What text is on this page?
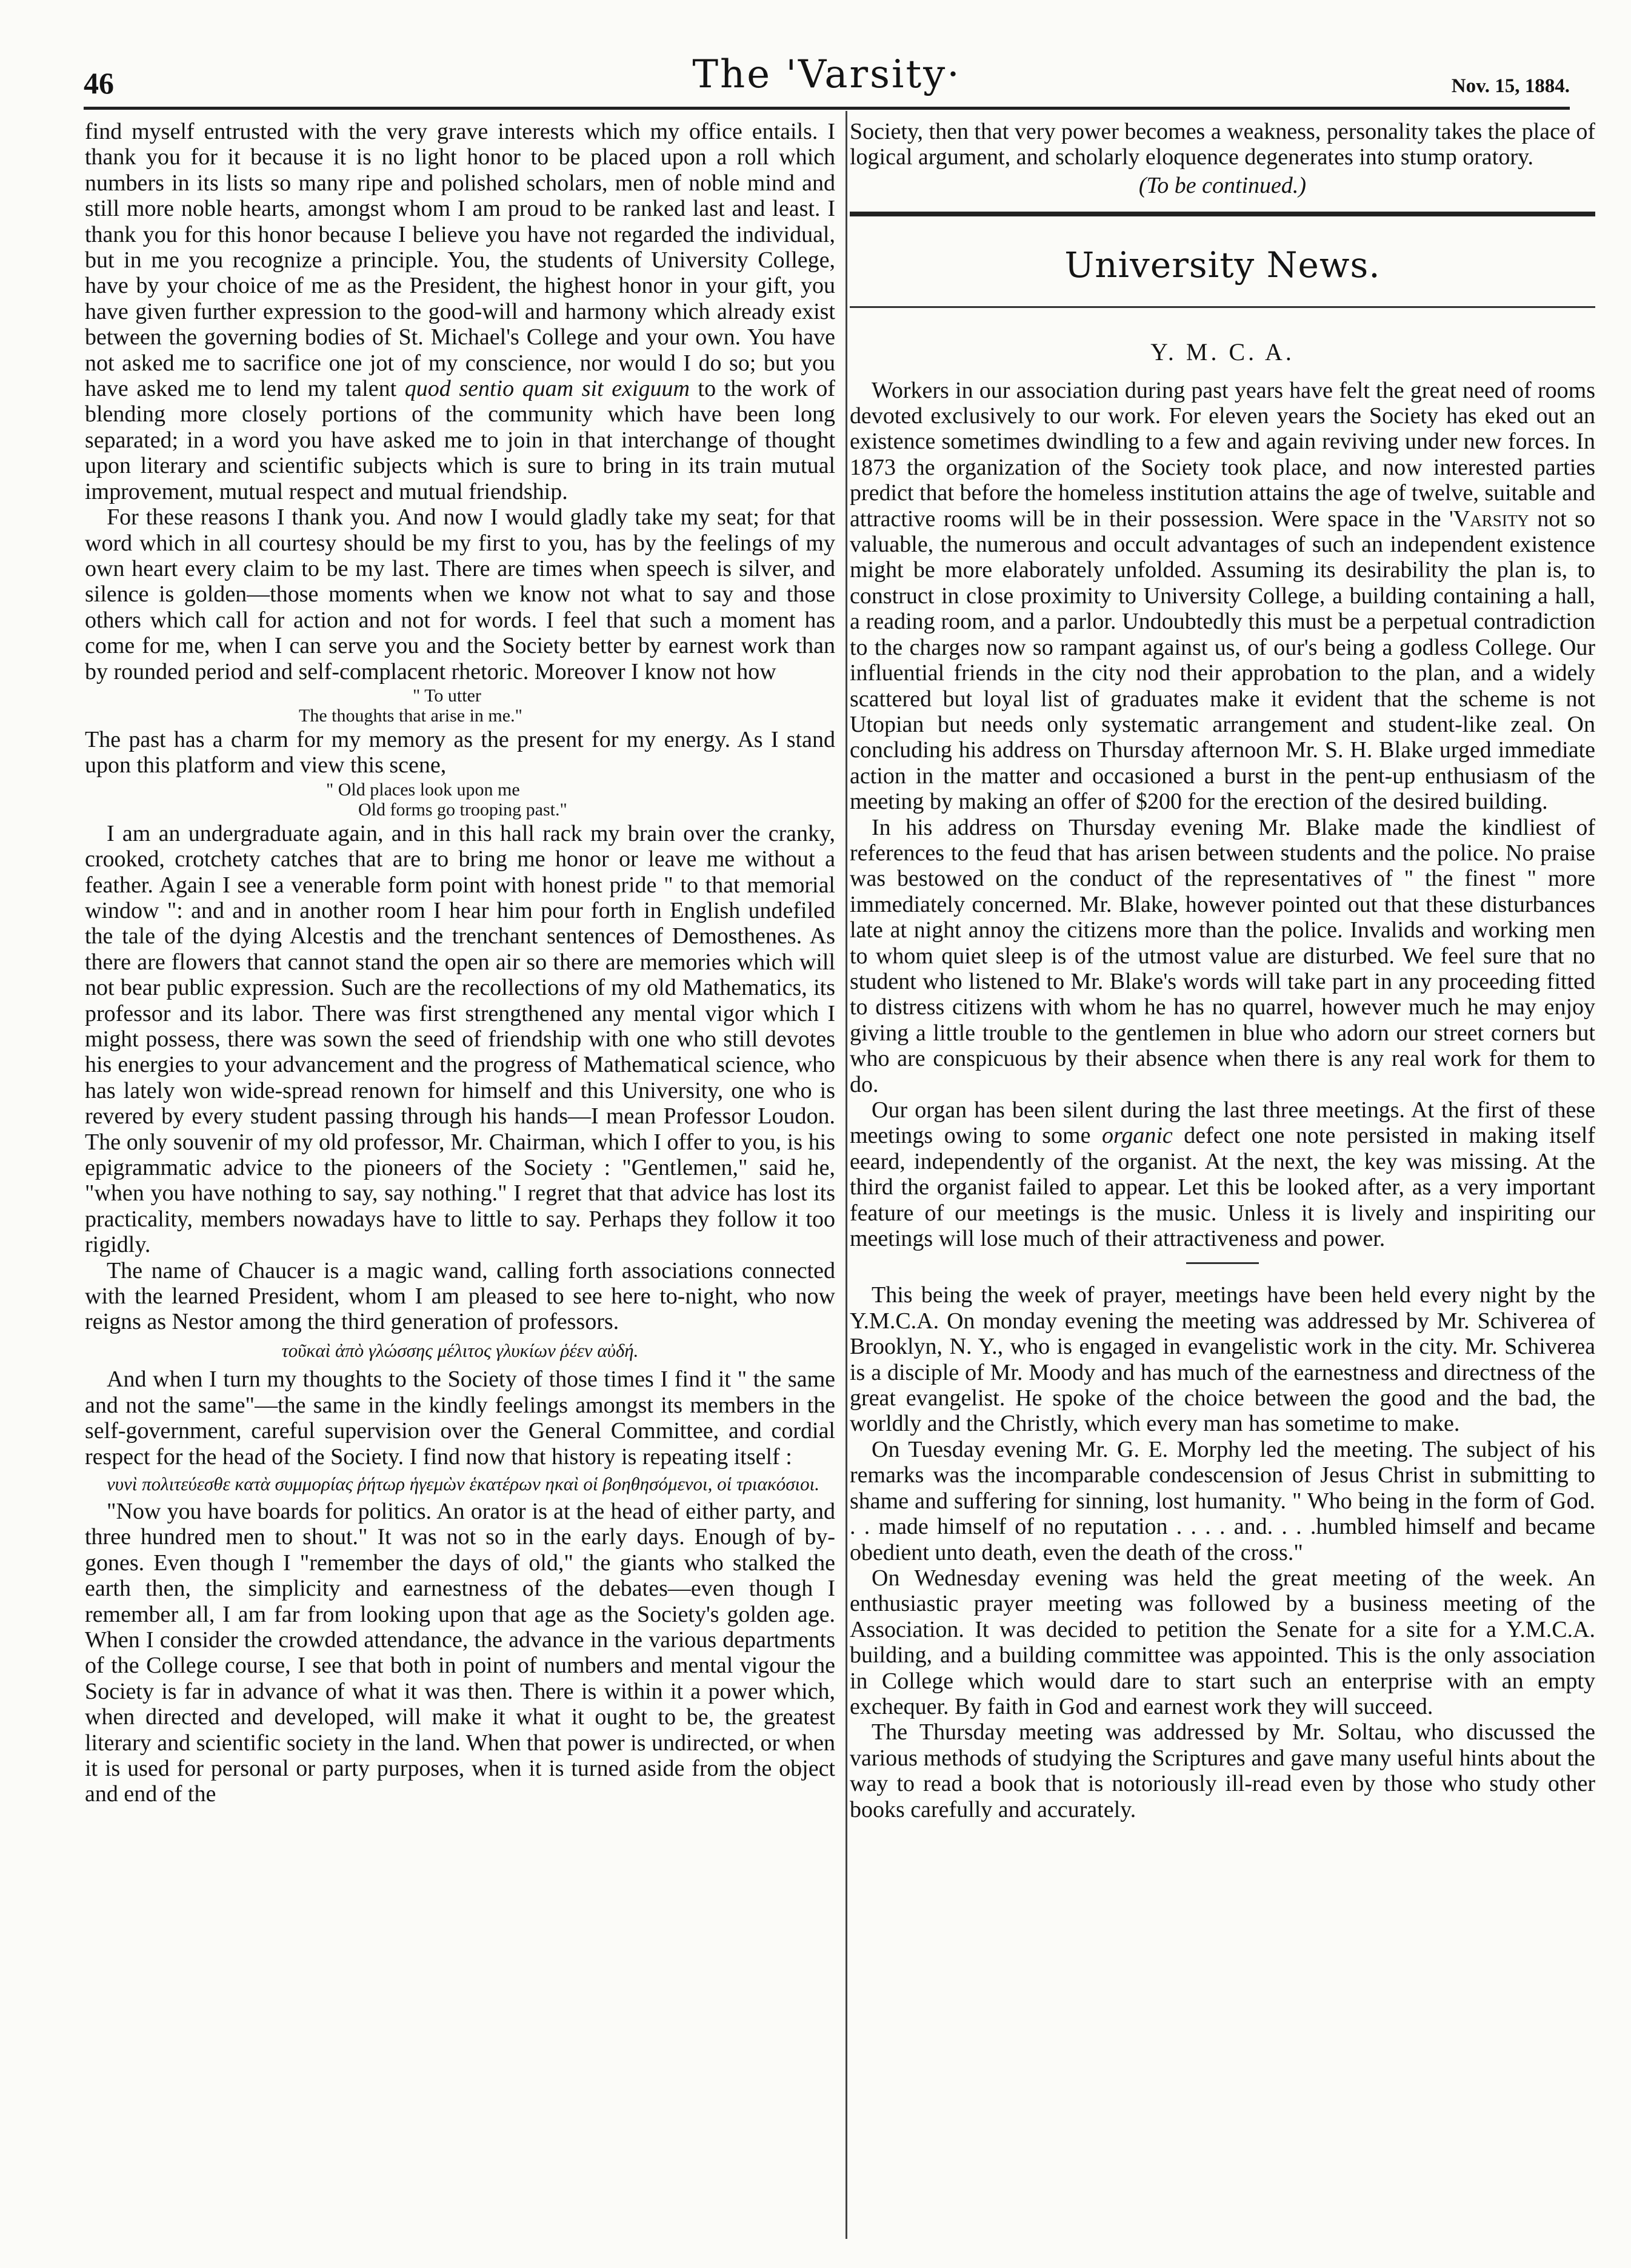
46	The 'Varsity·	Nov. 15, 1884.

find myself entrusted with the very grave interests which my office entails. I thank you for it because it is no light honor to be placed upon a roll which numbers in its lists so many ripe and polished scholars, men of noble mind and still more noble hearts, amongst whom I am proud to be ranked last and least. I thank you for this honor because I believe you have not regarded the individual, but in me you recognize a principle. You, the students of University College, have by your choice of me as the President, the highest honor in your gift, you have given further expression to the good-will and harmony which already exist between the governing bodies of St. Michael's College and your own. You have not asked me to sacrifice one jot of my conscience, nor would I do so; but you have asked me to lend my talent quod sentio quam sit exiguum to the work of blending more closely portions of the community which have been long separated; in a word you have asked me to join in that interchange of thought upon literary and scientific subjects which is sure to bring in its train mutual improvement, mutual respect and mutual friendship.

For these reasons I thank you. And now I would gladly take my seat; for that word which in all courtesy should be my first to you, has by the feelings of my own heart every claim to be my last. There are times when speech is silver, and silence is golden—those moments when we know not what to say and those others which call for action and not for words. I feel that such a moment has come for me, when I can serve you and the Society better by earnest work than by rounded period and self-complacent rhetoric. Moreover I know not how

" To utter
The thoughts that arise in me."

The past has a charm for my memory as the present for my energy. As I stand upon this platform and view this scene,

" Old places look upon me
Old forms go trooping past."

I am an undergraduate again, and in this hall rack my brain over the cranky, crooked, crotchety catches that are to bring me honor or leave me without a feather. Again I see a venerable form point with honest pride " to that memorial window ": and and in another room I hear him pour forth in English undefiled the tale of the dying Alcestis and the trenchant sentences of Demosthenes. As there are flowers that cannot stand the open air so there are memories which will not bear public expression. Such are the recollections of my old Mathematics, its professor and its labor. There was first strengthened any mental vigor which I might possess, there was sown the seed of friendship with one who still devotes his energies to your advancement and the progress of Mathematical science, who has lately won wide-spread renown for himself and this University, one who is revered by every student passing through his hands—I mean Professor Loudon. The only souvenir of my old professor, Mr. Chairman, which I offer to you, is his epigrammatic advice to the pioneers of the Society : "Gentlemen," said he, "when you have nothing to say, say nothing." I regret that that advice has lost its practicality, members nowadays have to little to say. Perhaps they follow it too rigidly.

The name of Chaucer is a magic wand, calling forth associations connected with the learned President, whom I am pleased to see here to-night, who now reigns as Nestor among the third generation of professors.

τοῦκαὶ ἀπὸ γλώσσης μέλιτος γλυκίων ῥέεν αὐδή.

And when I turn my thoughts to the Society of those times I find it " the same and not the same"—the same in the kindly feelings amongst its members in the self-government, careful supervision over the General Committee, and cordial respect for the head of the Society. I find now that history is repeating itself :

νυνὶ πολιτεύεσθε κατὰ συμμορίας ῥήτωρ ἡγεμὼν ἑκατέρων ηκαὶ οἱ βοηθησόμενοι, οἱ τριακόσιοι.

"Now you have boards for politics. An orator is at the head of either party, and three hundred men to shout." It was not so in the early days. Enough of by-gones. Even though I "remember the days of old," the giants who stalked the earth then, the simplicity and earnestness of the debates—even though I remember all, I am far from looking upon that age as the Society's golden age. When I consider the crowded attendance, the advance in the various departments of the College course, I see that both in point of numbers and mental vigour the Society is far in advance of what it was then. There is within it a power which, when directed and developed, will make it what it ought to be, the greatest literary and scientific society in the land. When that power is undirected, or when it is used for personal or party purposes, when it is turned aside from the object and end of the

Society, then that very power becomes a weakness, personality takes the place of logical argument, and scholarly eloquence degenerates into stump oratory.

(To be continued.)
University News.
Y. M. C. A.

Workers in our association during past years have felt the great need of rooms devoted exclusively to our work. For eleven years the Society has eked out an existence sometimes dwindling to a few and again reviving under new forces. In 1873 the organization of the Society took place, and now interested parties predict that before the homeless institution attains the age of twelve, suitable and attractive rooms will be in their possession. Were space in the 'Varsity not so valuable, the numerous and occult advantages of such an independent existence might be more elaborately unfolded. Assuming its desirability the plan is, to construct in close proximity to University College, a building containing a hall, a reading room, and a parlor. Undoubtedly this must be a perpetual contradiction to the charges now so rampant against us, of our's being a godless College. Our influential friends in the city nod their approbation to the plan, and a widely scattered but loyal list of graduates make it evident that the scheme is not Utopian but needs only systematic arrangement and student-like zeal. On concluding his address on Thursday afternoon Mr. S. H. Blake urged immediate action in the matter and occasioned a burst in the pent-up enthusiasm of the meeting by making an offer of $200 for the erection of the desired building.

In his address on Thursday evening Mr. Blake made the kindliest of references to the feud that has arisen between students and the police. No praise was bestowed on the conduct of the representatives of " the finest " more immediately concerned. Mr. Blake, however pointed out that these disturbances late at night annoy the citizens more than the police. Invalids and working men to whom quiet sleep is of the utmost value are disturbed. We feel sure that no student who listened to Mr. Blake's words will take part in any proceeding fitted to distress citizens with whom he has no quarrel, however much he may enjoy giving a little trouble to the gentlemen in blue who adorn our street corners but who are conspicuous by their absence when there is any real work for them to do.

Our organ has been silent during the last three meetings. At the first of these meetings owing to some organic defect one note persisted in making itself eeard, independently of the organist. At the next, the key was missing. At the third the organist failed to appear. Let this be looked after, as a very important feature of our meetings is the music. Unless it is lively and inspiriting our meetings will lose much of their attractiveness and power.

This being the week of prayer, meetings have been held every night by the Y.M.C.A. On monday evening the meeting was addressed by Mr. Schiverea of Brooklyn, N. Y., who is engaged in evangelistic work in the city. Mr. Schiverea is a disciple of Mr. Moody and has much of the earnestness and directness of the great evangelist. He spoke of the choice between the good and the bad, the worldly and the Christly, which every man has sometime to make.

On Tuesday evening Mr. G. E. Morphy led the meeting. The subject of his remarks was the incomparable condescension of Jesus Christ in submitting to shame and suffering for sinning, lost humanity. " Who being in the form of God. . . made himself of no reputation . . . . and. . . .humbled himself and became obedient unto death, even the death of the cross."

On Wednesday evening was held the great meeting of the week. An enthusiastic prayer meeting was followed by a business meeting of the Association. It was decided to petition the Senate for a site for a Y.M.C.A. building, and a building committee was appointed. This is the only association in College which would dare to start such an enterprise with an empty exchequer. By faith in God and earnest work they will succeed.

The Thursday meeting was addressed by Mr. Soltau, who discussed the various methods of studying the Scriptures and gave many useful hints about the way to read a book that is notoriously ill-read even by those who study other books carefully and accurately.
